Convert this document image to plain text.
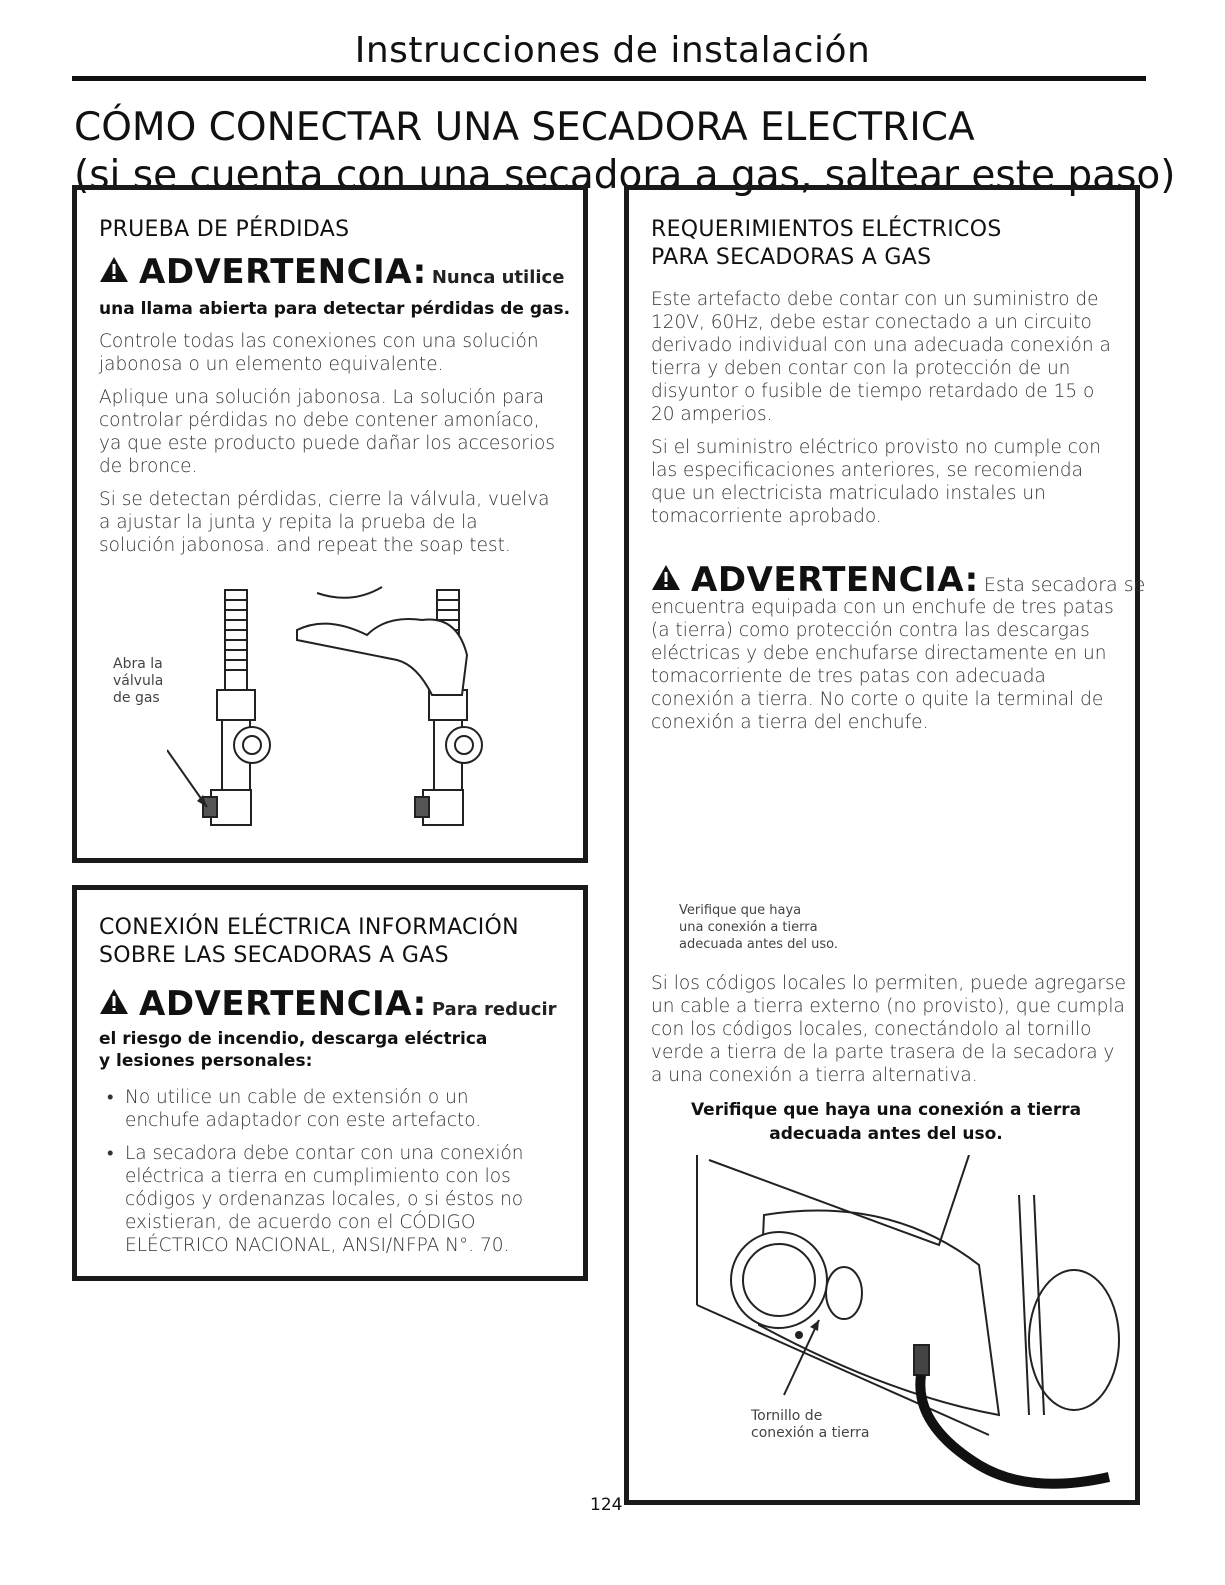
Instrucciones de instalación
CÓMO CONECTAR UNA SECADORA ELECTRICA
(si se cuenta con una secadora a gas, saltear este paso)
PRUEBA DE PÉRDIDAS
ADVERTENCIA: Nunca utilice
una llama abierta para detectar pérdidas de gas.

Controle todas las conexiones con una solución jabonosa o un elemento equivalente.

Aplique una solución jabonosa. La solución para controlar pérdidas no debe contener amoníaco, ya que este producto puede dañar los accesorios de bronce.

Si se detectan pérdidas, cierre la válvula, vuelva a ajustar la junta y repita la prueba de la solución jabonosa. and repeat the soap test.

Abra la
válvula
de gas
CONEXIÓN ELÉCTRICA INFORMACIÓN
SOBRE LAS SECADORAS A GAS
ADVERTENCIA: Para reducir
el riesgo de incendio, descarga eléctrica
y lesiones personales:
• No utilice un cable de extensión o un enchufe adaptador con este artefacto.
• La secadora debe contar con una conexión eléctrica a tierra en cumplimiento con los códigos y ordenanzas locales, o si éstos no existieran, de acuerdo con el CÓDIGO ELÉCTRICO NACIONAL, ANSI/NFPA N°. 70.
REQUERIMIENTOS ELÉCTRICOS
PARA SECADORAS A GAS

Este artefacto debe contar con un suministro de 120V, 60Hz, debe estar conectado a un circuito derivado individual con una adecuada conexión a tierra y deben contar con la protección de un disyuntor o fusible de tiempo retardado de 15 o 20 amperios.

Si el suministro eléctrico provisto no cumple con las especificaciones anteriores, se recomienda que un electricista matriculado instales un tomacorriente aprobado.

ADVERTENCIA: Esta secadora se
encuentra equipada con un enchufe de tres patas (a tierra) como protección contra las descargas eléctricas y debe enchufarse directamente en un tomacorriente de tres patas con adecuada conexión a tierra. No corte o quite la terminal de conexión a tierra del enchufe.
Verifique que haya
una conexión a tierra
adecuada antes del uso.
Si los códigos locales lo permiten, puede agregarse un cable a tierra externo (no provisto), que cumpla con los códigos locales, conectándolo al tornillo verde a tierra de la parte trasera de la secadora y a una conexión a tierra alternativa.
Verifique que haya una conexión a tierra
adecuada antes del uso.
Tornillo de
conexión a tierra
124
